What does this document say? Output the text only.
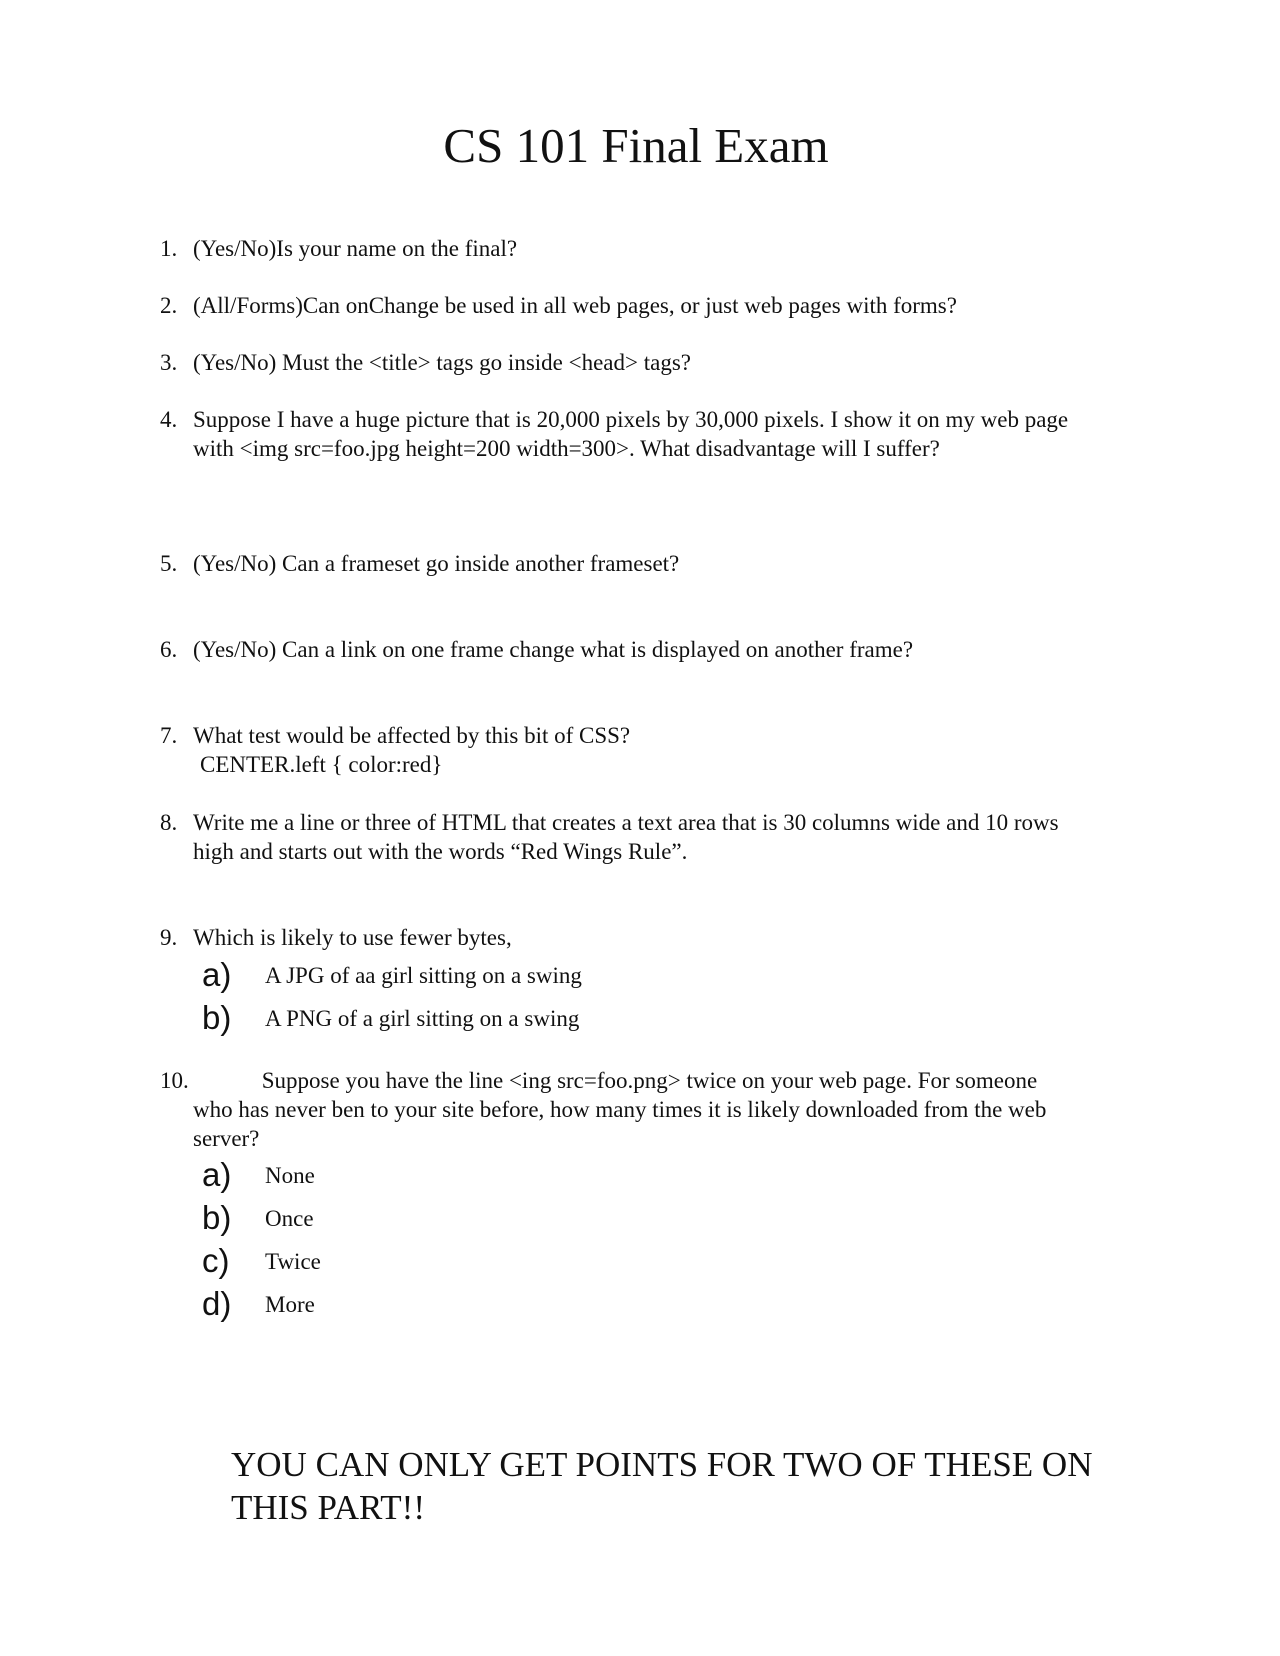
CS 101 Final Exam
1. (Yes/No)Is your name on the final?
2. (All/Forms)Can onChange be used in all web pages, or just web pages with forms?
3. (Yes/No) Must the <title> tags go inside <head> tags?
4. Suppose I have a huge picture that is 20,000 pixels by 30,000 pixels. I show it on my web page
with <img src=foo.jpg height=200 width=300>. What disadvantage will I suffer?
5. (Yes/No) Can a frameset go inside another frameset?
6. (Yes/No) Can a link on one frame change what is displayed on another frame?
7. What test would be affected by this bit of CSS?
CENTER.left { color:red}
8. Write me a line or three of HTML that creates a text area that is 30 columns wide and 10 rows
high and starts out with the words “Red Wings Rule”.
9. Which is likely to use fewer bytes,
a) A JPG of aa girl sitting on a swing
b) A PNG of a girl sitting on a swing
10.	Suppose you have the line <ing src=foo.png> twice on your web page. For someone
who has never ben to your site before, how many times it is likely downloaded from the web
server?
a) None
b) Once
c) Twice
d) More
YOU CAN ONLY GET POINTS FOR TWO OF THESE ON
THIS PART!!
